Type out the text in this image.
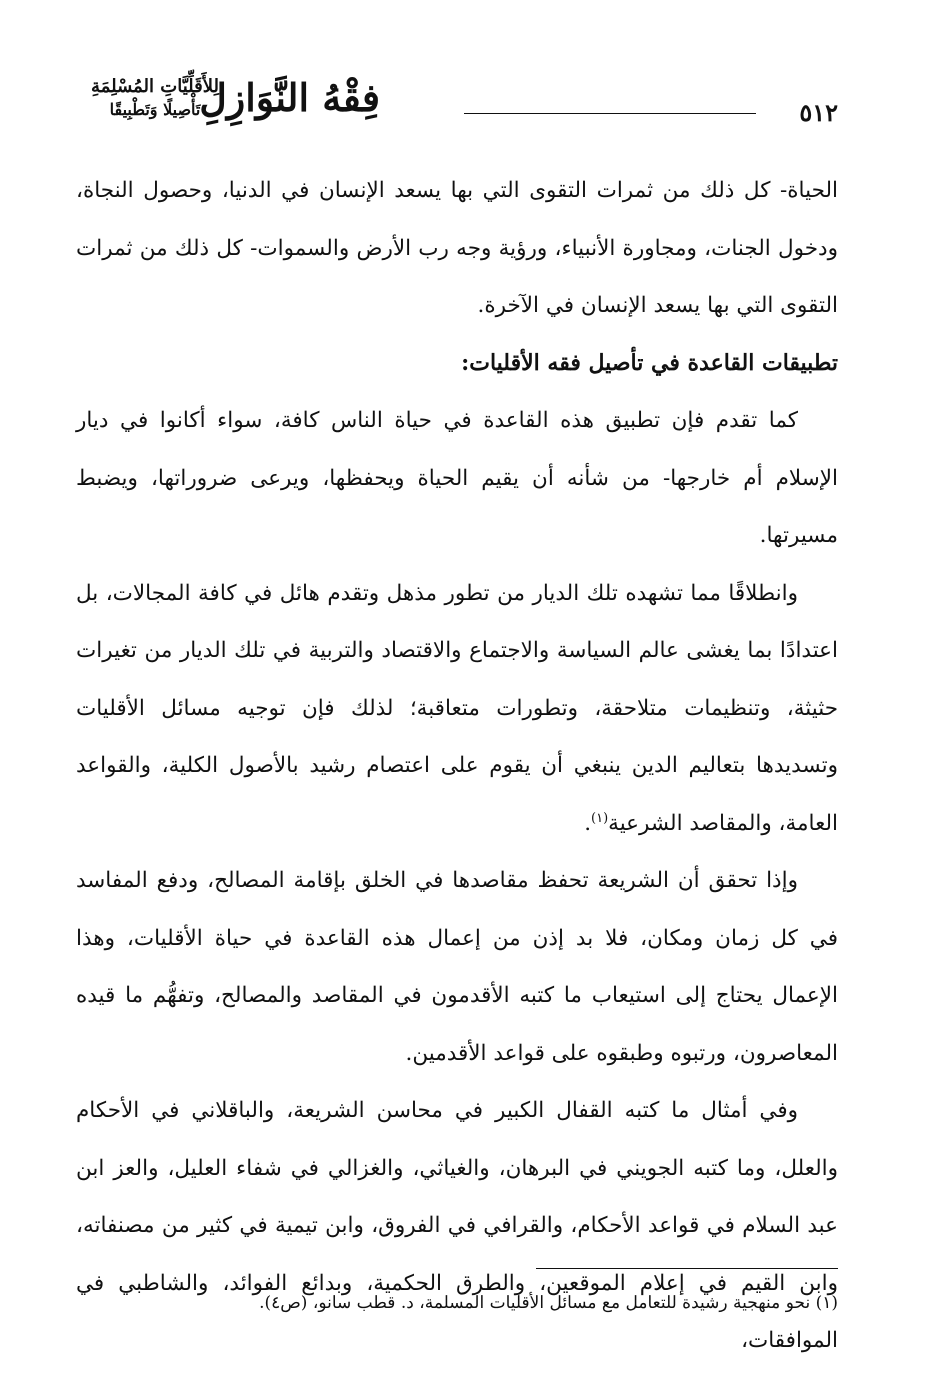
٥١٢
فِقْهُ النَّوَازِلِ
لِلأَقَلِّيَّاتِ المُسْلِمَةِ
تَأْصِيلًا وَتَطْبِيقًا

الحياة- كل ذلك من ثمرات التقوى التي بها يسعد الإنسان في الدنيا، وحصول النجاة، ودخول الجنات، ومجاورة الأنبياء، ورؤية وجه رب الأرض والسموات- كل ذلك من ثمرات التقوى التي بها يسعد الإنسان في الآخرة.

تطبيقات القاعدة في تأصيل فقه الأقليات:

كما تقدم فإن تطبيق هذه القاعدة في حياة الناس كافة، سواء أكانوا في ديار الإسلام أم خارجها- من شأنه أن يقيم الحياة ويحفظها، ويرعى ضروراتها، ويضبط مسيرتها.

وانطلاقًا مما تشهده تلك الديار من تطور مذهل وتقدم هائل في كافة المجالات، بل اعتدادًا بما يغشى عالم السياسة والاجتماع والاقتصاد والتربية في تلك الديار من تغيرات حثيثة، وتنظيمات متلاحقة، وتطورات متعاقبة؛ لذلك فإن توجيه مسائل الأقليات وتسديدها بتعاليم الدين ينبغي أن يقوم على اعتصام رشيد بالأصول الكلية، والقواعد العامة، والمقاصد الشرعية$^{(١)}$.

وإذا تحقق أن الشريعة تحفظ مقاصدها في الخلق بإقامة المصالح، ودفع المفاسد في كل زمان ومكان، فلا بد إذن من إعمال هذه القاعدة في حياة الأقليات، وهذا الإعمال يحتاج إلى استيعاب ما كتبه الأقدمون في المقاصد والمصالح، وتفهُّم ما قيده المعاصرون، ورتبوه وطبقوه على قواعد الأقدمين.

وفي أمثال ما كتبه القفال الكبير في محاسن الشريعة، والباقلاني في الأحكام والعلل، وما كتبه الجويني في البرهان، والغياثي، والغزالي في شفاء العليل، والعز ابن عبد السلام في قواعد الأحكام، والقرافي في الفروق، وابن تيمية في كثير من مصنفاته، وابن القيم في إعلام الموقعين، والطرق الحكمية، وبدائع الفوائد، والشاطبي في الموافقات،

(١) نحو منهجية رشيدة للتعامل مع مسائل الأقليات المسلمة، د. قطب سانو، (ص٤).
